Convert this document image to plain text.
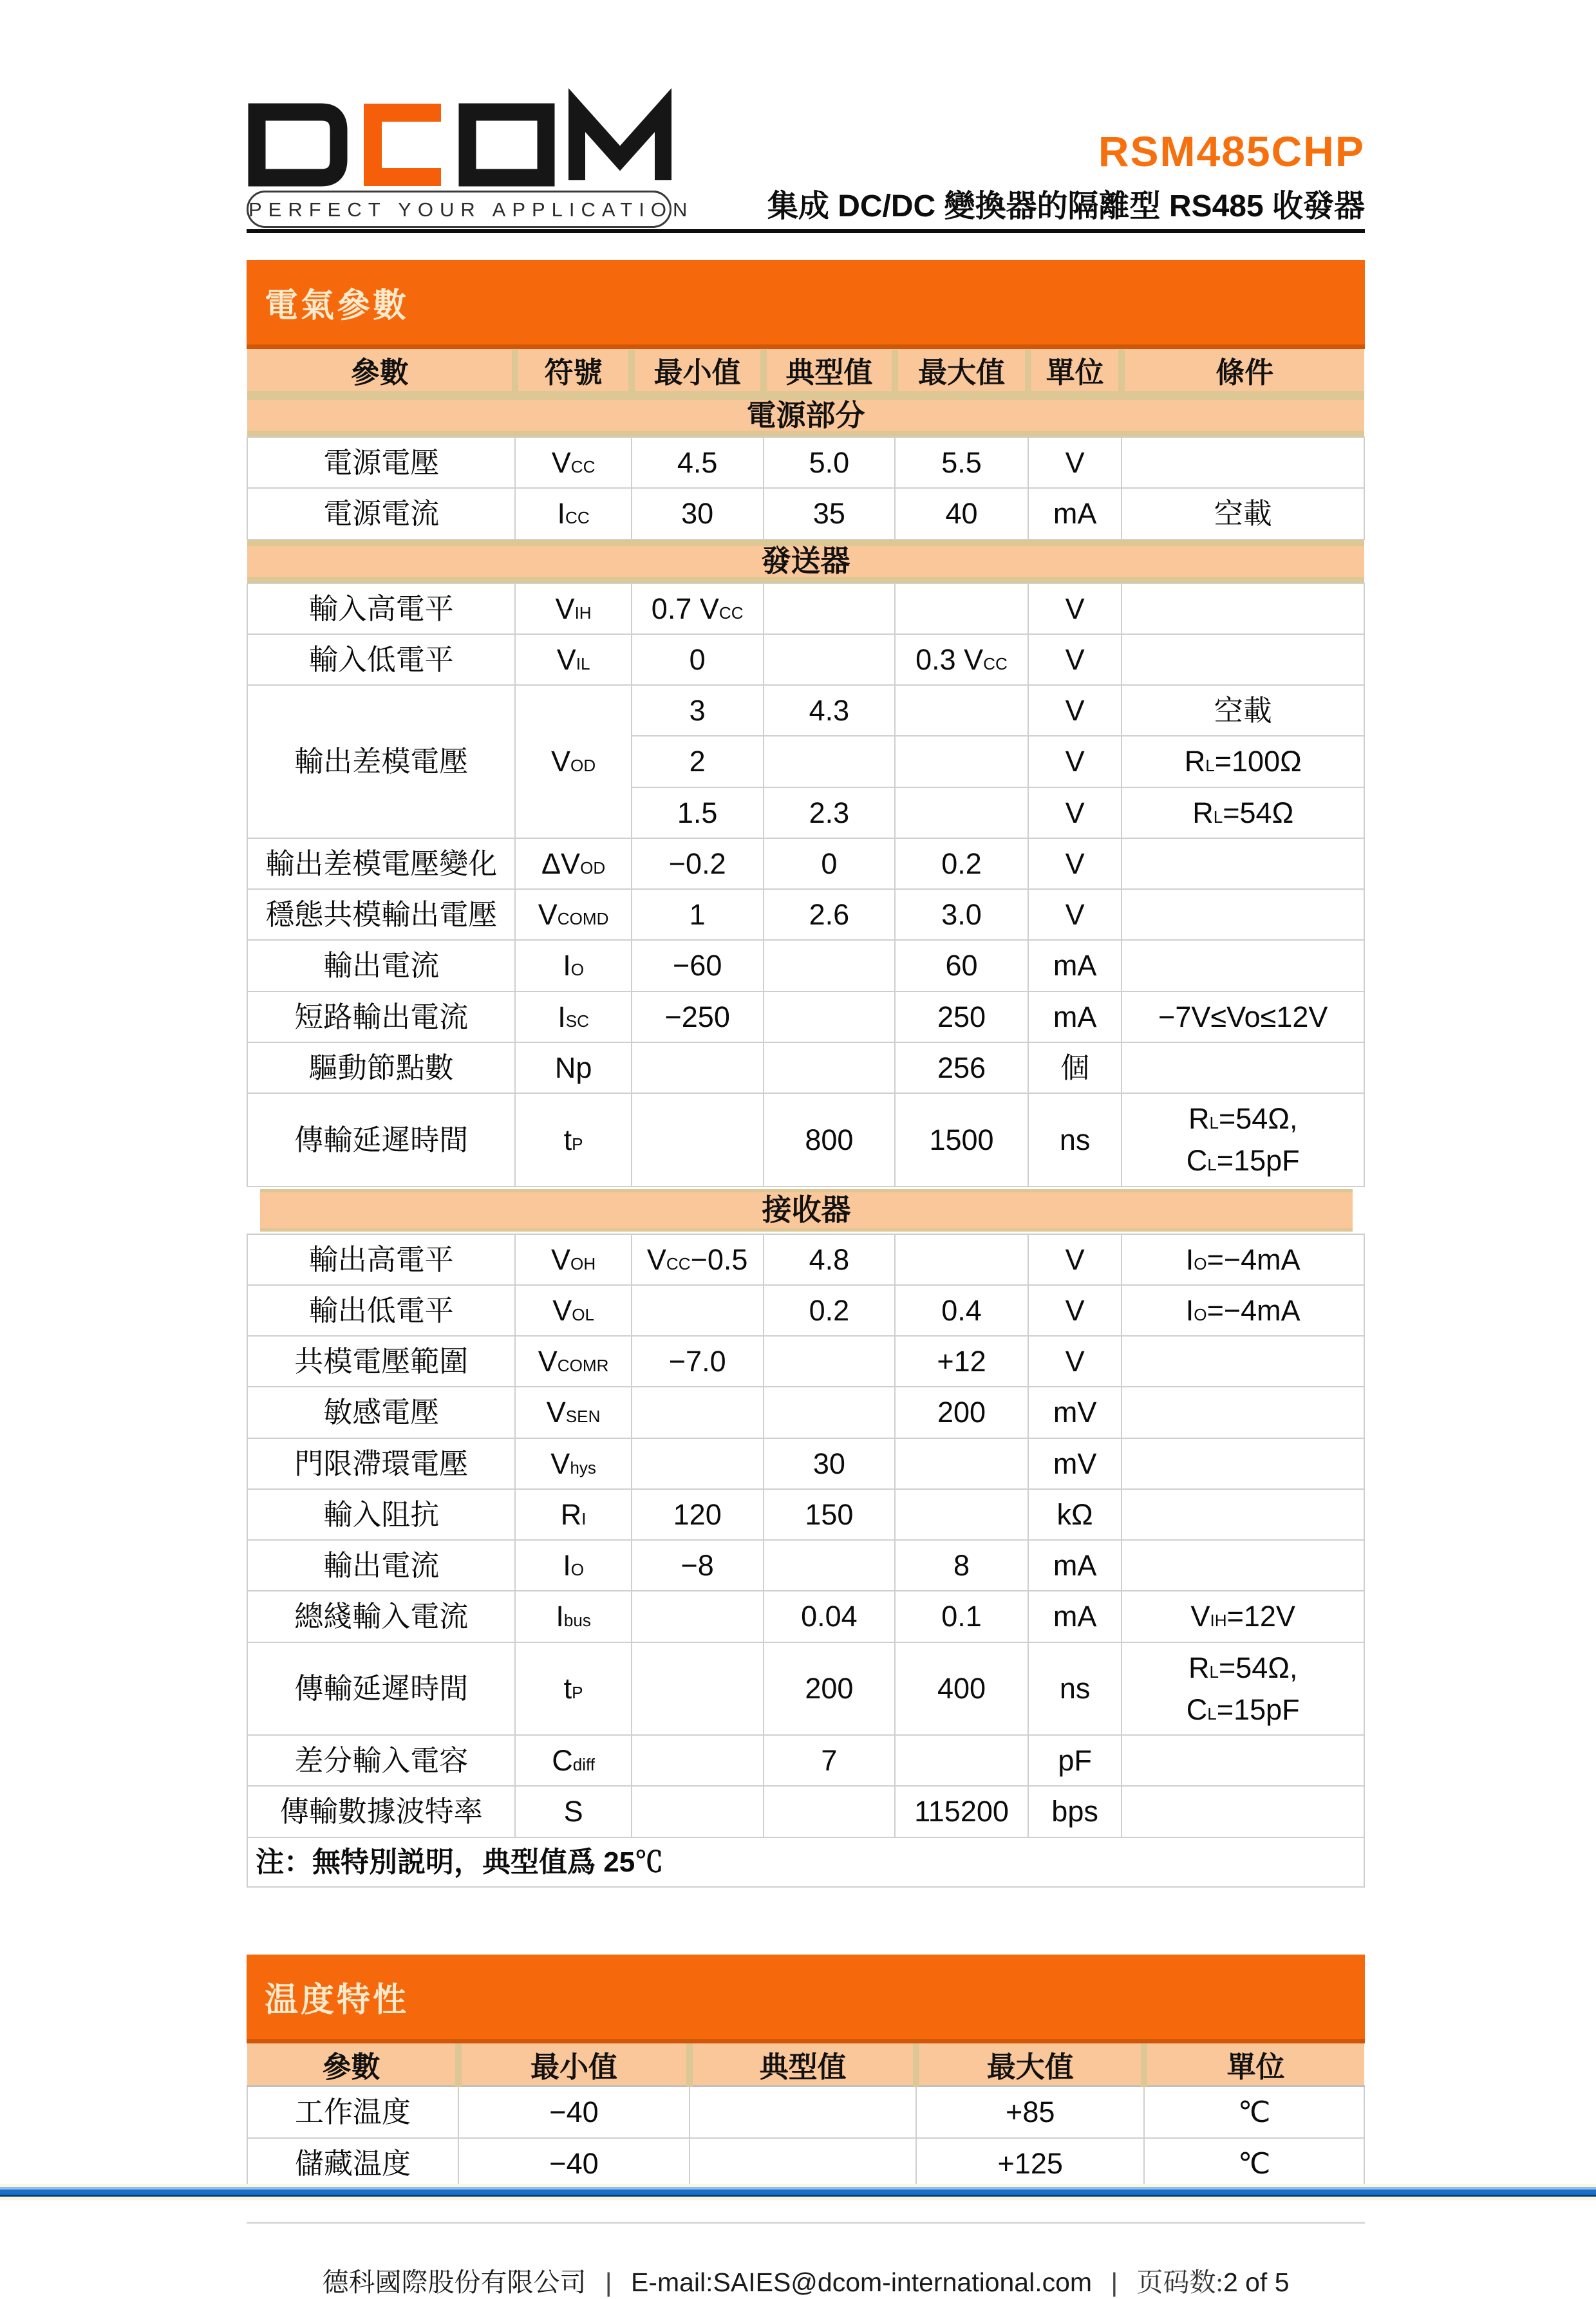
PERFECT YOUR APPLICATION
RSM485CHP
集成 DC/DC 變換器的隔離型 RS485 收發器
電氣參數
參數	符號	最小值	典型值	最大值	單位	條件

電源部分						

電源電壓	$V_{CC}$	4.5	5.0	5.5	V	
電源電流	$I_{CC}$	30	35	40	mA	空載

發送器						

輸入高電平	$V_{IH}$	0.7 $V_{CC}$			V	
輸入低電平	$V_{IL}$	0		0.3 $V_{CC}$	V	
輸出差模電壓	$V_{OD}$	3	4.3		V	空載
		2			V	$R_L=100\Omega$
		1.5	2.3		V	$R_L=54\Omega$
輸出差模電壓變化	$\Delta V_{OD}$	−0.2	0	0.2	V	
穩態共模輸出電壓	$V_{COMD}$	1	2.6	3.0	V	
輸出電流	$I_O$	−60		60	mA	
短路輸出電流	$I_{SC}$	−250		250	mA	−7V≤Vo≤12V
驅動節點數	Np			256	個	
傳輸延遲時間	$t_P$		800	1500	ns	$R_L=54\Omega$,
$C_L=15pF$

接收器						

輸出高電平	$V_{OH}$	$V_{CC}-0.5$	4.8		V	$I_O=-4mA$
輸出低電平	$V_{OL}$		0.2	0.4	V	$I_O=-4mA$
共模電壓範圍	$V_{COMR}$	−7.0		+12	V	
敏感電壓	$V_{SEN}$			200	mV	
門限滯環電壓	$V_{hys}$		30		mV	
輸入阻抗	$R_I$	120	150		kΩ	
輸出電流	$I_O$	−8		8	mA	
總綫輸入電流	$I_{bus}$		0.04	0.1	mA	$V_{IH}=12V$
傳輸延遲時間	$t_P$		200	400	ns	$R_L=54\Omega$,
$C_L=15pF$
差分輸入電容	$C_{diff}$		7		pF	
傳輸數據波特率	S			115200	bps	
注：無特別説明，典型值爲 25℃						
温度特性
參數	最小值	典型值	最大值	單位
工作温度	−40		+85	℃
儲藏温度	−40		+125	℃
德科國際股份有限公司 | E-mail:SAIES@dcom-international.com | 页码数:2 of 5
